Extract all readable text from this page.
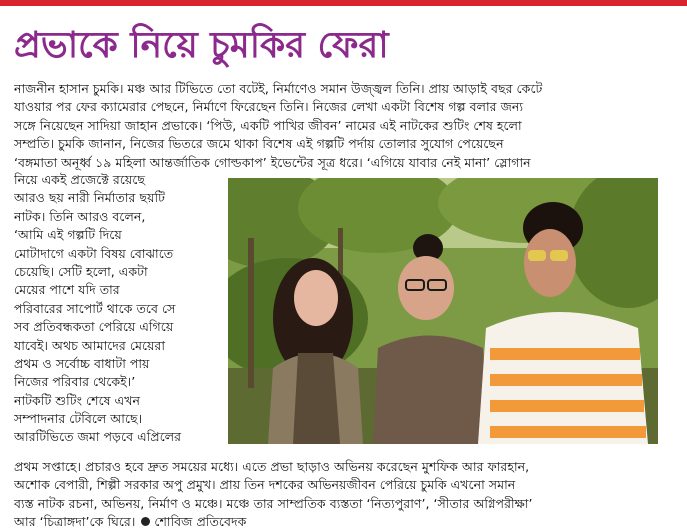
প্রভাকে নিয়ে চুমকির ফেরা
নাজনীন হাসান চুমকি। মঞ্চ আর টিভিতে তো বটেই, নির্মাণেও সমান উজ্জ্বল তিনি। প্রায় আড়াই বছর কেটে
যাওয়ার পর ফের ক্যামেরার পেছনে, নির্মাণে ফিরেছেন তিনি। নিজের লেখা একটা বিশেষ গল্প বলার জন্য
সঙ্গে নিয়েছেন সাদিয়া জাহান প্রভাকে। ‘পিউ, একটি পাখির জীবন’ নামের এই নাটকের শুটিং শেষ হলো
সম্প্রতি। চুমকি জানান, নিজের ভিতরে জমে থাকা বিশেষ এই গল্পটি পর্দায় তোলার সুযোগ পেয়েছেন
‘বঙ্গমাতা অনূর্ধ্ব ১৯ মহিলা আন্তর্জাতিক গোল্ডকাপ’ ইভেন্টের সূত্র ধরে। ‘এগিয়ে যাবার নেই মানা’ স্লোগান
নিয়ে একই প্রজেক্টে রয়েছে
আরও ছয় নারী নির্মাতার ছয়টি
নাটক। তিনি আরও বলেন,
‘আমি এই গল্পটি দিয়ে
মোটাদাগে একটা বিষয় বোঝাতে
চেয়েছি। সেটি হলো, একটা
মেয়ের পাশে যদি তার
পরিবারের সাপোর্ট থাকে তবে সে
সব প্রতিবন্ধকতা পেরিয়ে এগিয়ে
যাবেই। অথচ আমাদের মেয়েরা
প্রথম ও সর্বোচ্চ বাধাটা পায়
নিজের পরিবার থেকেই।’
নাটকটি শুটিং শেষে এখন
সম্পাদনার টেবিলে আছে।
আরটিভিতে জমা পড়বে এপ্রিলের
প্রথম সপ্তাহে। প্রচারও হবে দ্রুত সময়ের মধ্যে। এতে প্রভা ছাড়াও অভিনয় করেছেন মুশফিক আর ফারহান,
অশোক বেপারী, শিল্পী সরকার অপু প্রমুখ। প্রায় তিন দশকের অভিনয়জীবন পেরিয়ে চুমকি এখনো সমান
ব্যস্ত নাটক রচনা, অভিনয়, নির্মাণ ও মঞ্চে। মঞ্চে তার সাম্প্রতিক ব্যস্ততা ‘নিত্যপুরাণ’, ‘সীতার অগ্নিপরীক্ষা’
আর ‘চিত্রাঙ্গদা’কে ঘিরে। শোবিজ প্রতিবেদক
